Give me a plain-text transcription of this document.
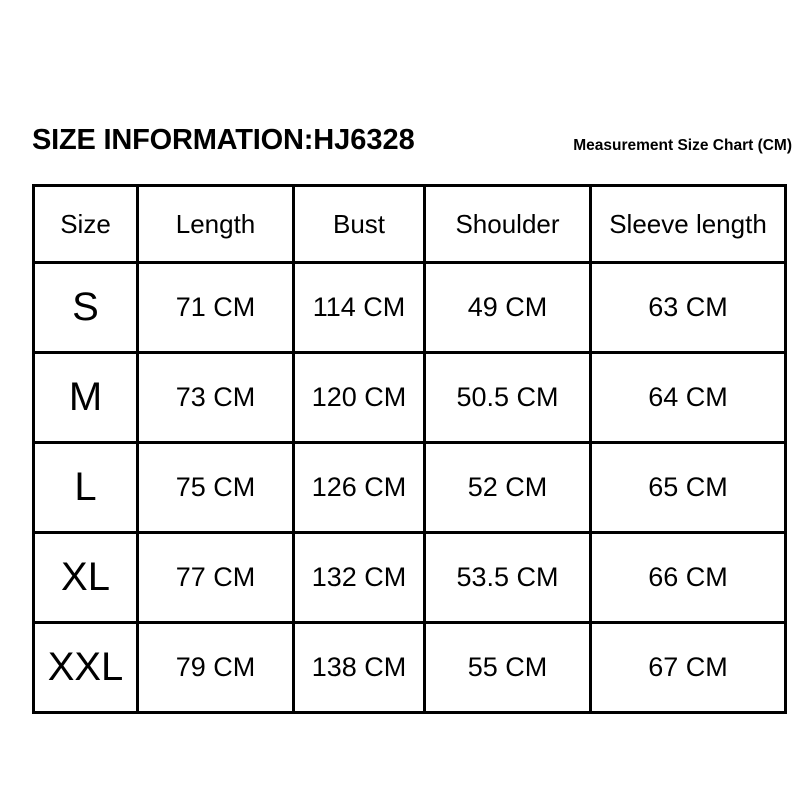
SIZE INFORMATION: HJ6328	Measurement Size Chart (CM)
Size	Length	Bust	Shoulder	Sleeve length
S	71 CM	114 CM	49 CM	63 CM
M	73 CM	120 CM	50.5 CM	64 CM
L	75 CM	126 CM	52 CM	65 CM
XL	77 CM	132 CM	53.5 CM	66 CM
XXL	79 CM	138 CM	55 CM	67 CM
